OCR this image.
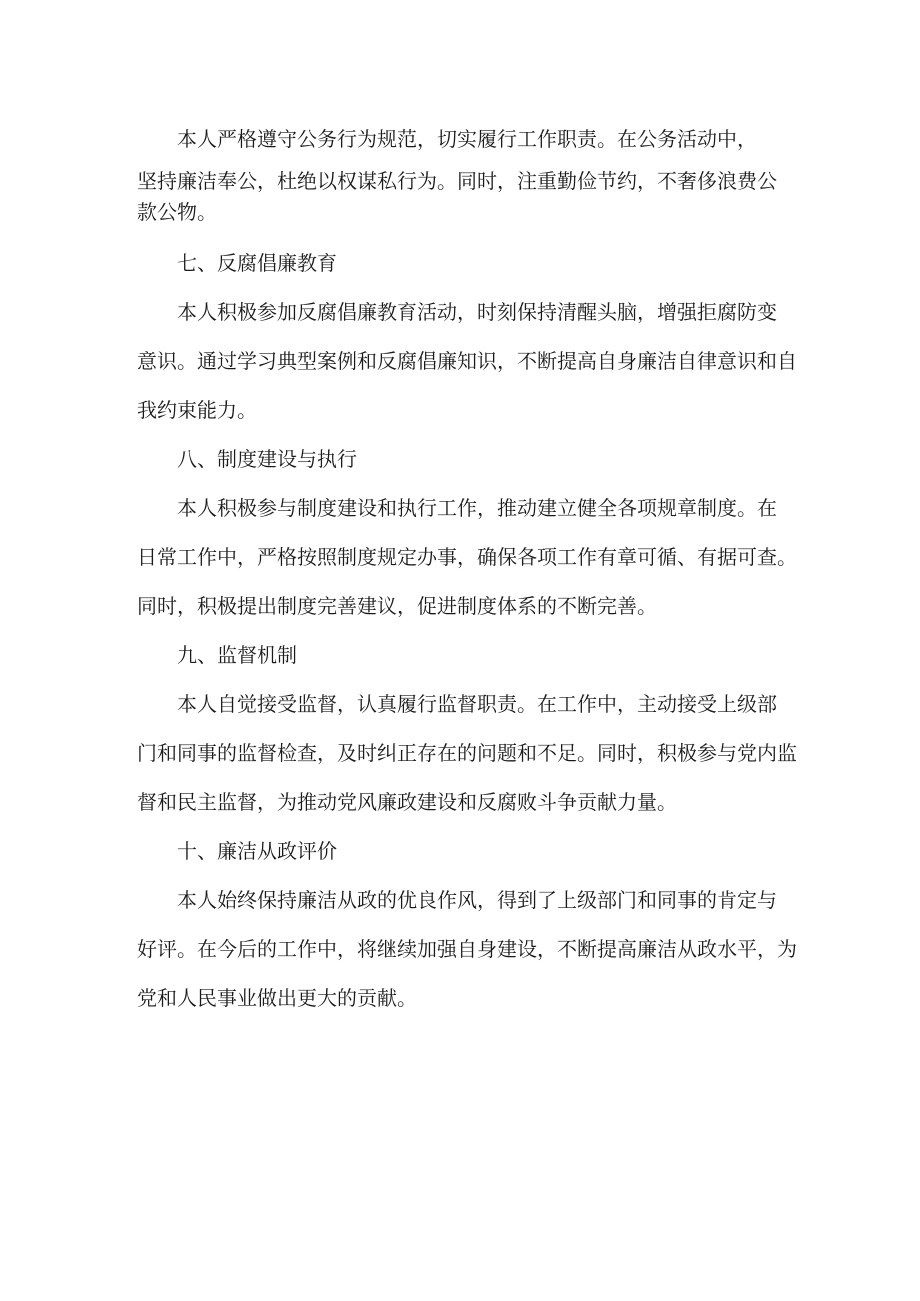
本人严格遵守公务行为规范，切实履行工作职责。在公务活动中，
坚持廉洁奉公，杜绝以权谋私行为。同时，注重勤俭节约，不奢侈浪费公
款公物。

七、反腐倡廉教育

本人积极参加反腐倡廉教育活动，时刻保持清醒头脑，增强拒腐防变
意识。通过学习典型案例和反腐倡廉知识，不断提高自身廉洁自律意识和自
我约束能力。

八、制度建设与执行

本人积极参与制度建设和执行工作，推动建立健全各项规章制度。在
日常工作中，严格按照制度规定办事，确保各项工作有章可循、有据可查。
同时，积极提出制度完善建议，促进制度体系的不断完善。

九、监督机制

本人自觉接受监督，认真履行监督职责。在工作中，主动接受上级部
门和同事的监督检查，及时纠正存在的问题和不足。同时，积极参与党内监
督和民主监督，为推动党风廉政建设和反腐败斗争贡献力量。

十、廉洁从政评价

本人始终保持廉洁从政的优良作风，得到了上级部门和同事的肯定与
好评。在今后的工作中，将继续加强自身建设，不断提高廉洁从政水平，为
党和人民事业做出更大的贡献。
